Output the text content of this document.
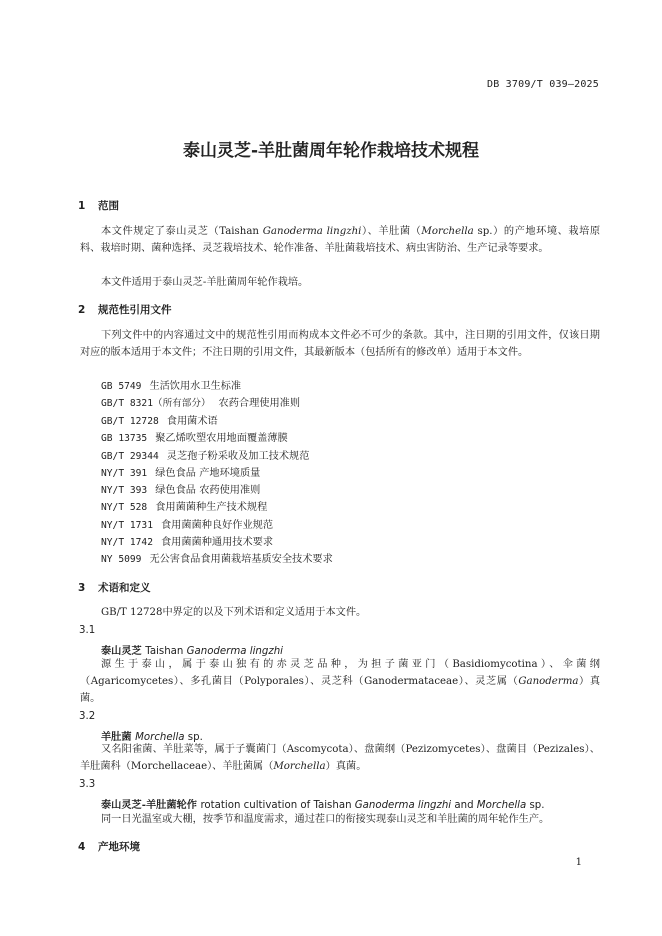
DB 3709/T 039—2025
泰山灵芝-羊肚菌周年轮作栽培技术规程
1 范围
本文件规定了泰山灵芝（Taishan Ganoderma lingzhi）、羊肚菌（Morchella sp.）的产地环境、栽培原料、栽培时期、菌种选择、灵芝栽培技术、轮作准备、羊肚菌栽培技术、病虫害防治、生产记录等要求。
本文件适用于泰山灵芝-羊肚菌周年轮作栽培。
2 规范性引用文件
下列文件中的内容通过文中的规范性引用而构成本文件必不可少的条款。其中，注日期的引用文件，仅该日期对应的版本适用于本文件；不注日期的引用文件，其最新版本（包括所有的修改单）适用于本文件。
GB 5749 生活饮用水卫生标准
GB/T 8321（所有部分） 农药合理使用准则
GB/T 12728 食用菌术语
GB 13735 聚乙烯吹塑农用地面覆盖薄膜
GB/T 29344 灵芝孢子粉采收及加工技术规范
NY/T 391 绿色食品 产地环境质量
NY/T 393 绿色食品 农药使用准则
NY/T 528 食用菌菌种生产技术规程
NY/T 1731 食用菌菌种良好作业规范
NY/T 1742 食用菌菌种通用技术要求
NY 5099 无公害食品食用菌栽培基质安全技术要求
3 术语和定义
GB/T 12728中界定的以及下列术语和定义适用于本文件。
3.1
泰山灵芝 Taishan Ganoderma lingzhi
源生于泰山，属于泰山独有的赤灵芝品种，为担子菌亚门（Basidiomycotina）、伞菌纲（Agaricomycetes）、多孔菌目（Polyporales）、灵芝科（Ganodermataceae）、灵芝属（Ganoderma）真菌。
3.2
羊肚菌 Morchella sp.
又名阳雀菌、羊肚菜等，属于子囊菌门（Ascomycota）、盘菌纲（Pezizomycetes）、盘菌目（Pezizales）、羊肚菌科（Morchellaceae）、羊肚菌属（Morchella）真菌。
3.3
泰山灵芝-羊肚菌轮作 rotation cultivation of Taishan Ganoderma lingzhi and Morchella sp.
同一日光温室或大棚，按季节和温度需求，通过茬口的衔接实现泰山灵芝和羊肚菌的周年轮作生产。
4 产地环境
1
